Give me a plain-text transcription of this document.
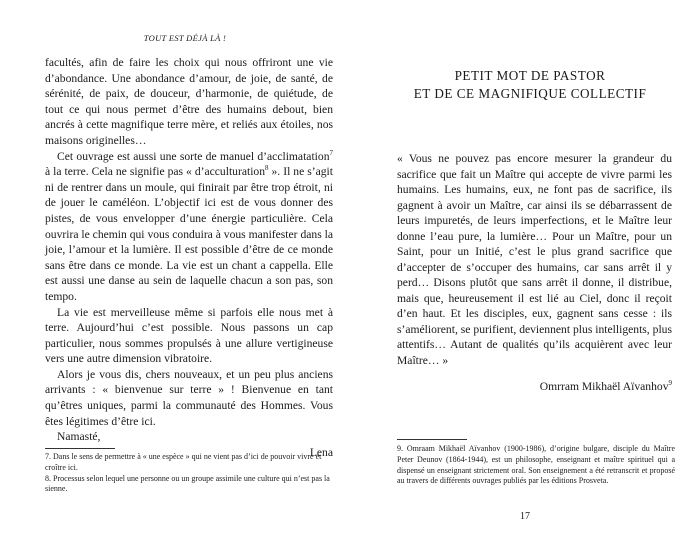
TOUT EST DÉJÀ LÀ !

facultés, afin de faire les choix qui nous offriront une vie d’abondance. Une abondance d’amour, de joie, de santé, de sérénité, de paix, de douceur, d’harmonie, de quiétude, de tout ce qui nous permet d’être des humains debout, bien ancrés à cette magnifique terre mère, et reliés aux étoiles, nos maisons originelles…

Cet ouvrage est aussi une sorte de manuel d’acclimatation$^7$ à la terre. Cela ne signifie pas « d’acculturation$^8$ ». Il ne s’agit ni de rentrer dans un moule, qui finirait par être trop étroit, ni de jouer le caméléon. L’objectif ici est de vous donner des pistes, de vous envelopper d’une énergie particulière. Cela ouvrira le chemin qui vous conduira à vous manifester dans la joie, l’amour et la lumière. Il est possible d’être de ce monde sans être dans ce monde. La vie est un chant a cappella. Elle est aussi une danse au sein de laquelle chacun a son pas, son tempo.

La vie est merveilleuse même si parfois elle nous met à terre. Aujourd’hui c’est possible. Nous passons un cap particulier, nous sommes propulsés à une allure vertigineuse vers une autre dimension vibratoire.

Alors je vous dis, chers nouveaux, et un peu plus anciens arrivants : « bienvenue sur terre » ! Bienvenue en tant qu’êtres uniques, parmi la communauté des Hommes. Vous êtes légitimes d’être ici.

Namasté,

Lena

7. Dans le sens de permettre à « une espèce » qui ne vient pas d’ici de pouvoir vivre et croître ici.

8. Processus selon lequel une personne ou un groupe assimile une culture qui n’est pas la sienne.

PETIT MOT DE PASTOR
ET DE CE MAGNIFIQUE COLLECTIF

« Vous ne pouvez pas encore mesurer la grandeur du sacrifice que fait un Maître qui accepte de vivre parmi les humains. Les humains, eux, ne font pas de sacrifice, ils gagnent à avoir un Maître, car ainsi ils se débarrassent de leurs impuretés, de leurs imperfections, et le Maître leur donne l’eau pure, la lumière… Pour un Maître, pour un Saint, pour un Initié, c’est le plus grand sacrifice que d’accepter de s’occuper des humains, car sans arrêt il y perd… Disons plutôt que sans arrêt il donne, il distribue, mais que, heureusement il est lié au Ciel, donc il reçoit d’en haut. Et les disciples, eux, gagnent sans cesse : ils s’améliorent, se purifient, deviennent plus intelligents, plus attentifs… Autant de qualités qu’ils acquièrent avec leur Maître… »

Omrram Mikhaël Aïvanhov$^9$

9. Omraam Mikhaël Aïvanhov (1900-1986), d’origine bulgare, disciple du Maître Peter Deunov (1864-1944), est un philosophe, enseignant et maître spirituel qui a dispensé un enseignant strictement oral. Son enseignement a été retranscrit et proposé au travers de différents ouvrages publiés par les éditions Prosveta.

17
